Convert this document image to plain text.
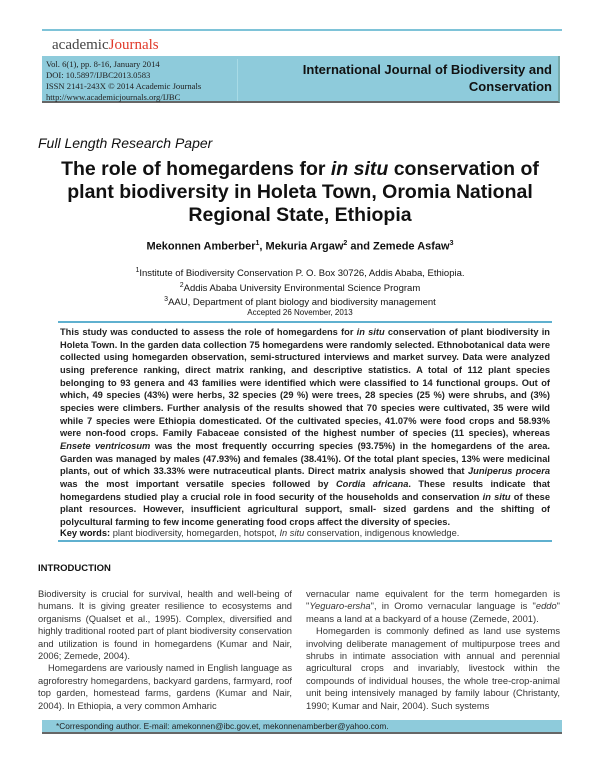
academicJournals
Vol. 6(1), pp. 8-16, January 2014
DOI: 10.5897/IJBC2013.0583
ISSN 2141-243X © 2014 Academic Journals
http://www.academicjournals.org/IJBC
International Journal of Biodiversity and Conservation
Full Length Research Paper
The role of homegardens for in situ conservation of plant biodiversity in Holeta Town, Oromia National Regional State, Ethiopia
Mekonnen Amberber$^1$, Mekuria Argaw$^2$ and Zemede Asfaw$^3$
$^1$Institute of Biodiversity Conservation P. O. Box 30726, Addis Ababa, Ethiopia.
$^2$Addis Ababa University Environmental Science Program
$^3$AAU, Department of plant biology and biodiversity management
Accepted 26 November, 2013
This study was conducted to assess the role of homegardens for in situ conservation of plant biodiversity in Holeta Town. In the garden data collection 75 homegardens were randomly selected. Ethnobotanical data were collected using homegarden observation, semi-structured interviews and market survey. Data were analyzed using preference ranking, direct matrix ranking, and descriptive statistics. A total of 112 plant species belonging to 93 genera and 43 families were identified which were classified to 14 functional groups. Out of which, 49 species (43%) were herbs, 32 species (29 %) were trees, 28 species (25 %) were shrubs, and (3%) species were climbers. Further analysis of the results showed that 70 species were cultivated, 35 were wild while 7 species were Ethiopia domesticated. Of the cultivated species, 41.07% were food crops and 58.93% were non-food crops. Family Fabaceae consisted of the highest number of species (11 species), whereas Ensete ventricosum was the most frequently occurring species (93.75%) in the homegardens of the area. Garden was managed by males (47.93%) and females (38.41%). Of the total plant species, 13% were medicinal plants, out of which 33.33% were nutraceutical plants. Direct matrix analysis showed that Juniperus procera was the most important versatile species followed by Cordia africana. These results indicate that homegardens studied play a crucial role in food security of the households and conservation in situ of these plant resources. However, insufficient agricultural support, small- sized gardens and the shifting of polycultural farming to few income generating food crops affect the diversity of species.
Key words: plant biodiversity, homegarden, hotspot, In situ conservation, indigenous knowledge.
INTRODUCTION

Biodiversity is crucial for survival, health and well-being of humans. It is giving greater resilience to ecosystems and organisms (Qualset et al., 1995). Complex, diversified and highly traditional rooted part of plant biodiversity conservation and utilization is found in homegardens (Kumar and Nair, 2006; Zemede, 2004).

Homegardens are variously named in English language as agroforestry homegardens, backyard gardens, farmyard, roof top garden, homestead farms, gardens (Kumar and Nair, 2004). In Ethiopia, a very common Amharic

vernacular name equivalent for the term homegarden is "Yeguaro-ersha", in Oromo vernacular language is "eddo" means a land at a backyard of a house (Zemede, 2001).

Homegarden is commonly defined as land use systems involving deliberate management of multipurpose trees and shrubs in intimate association with annual and perennial agricultural crops and invariably, livestock within the compounds of individual houses, the whole tree-crop-animal unit being intensively managed by family labour (Christanty, 1990; Kumar and Nair, 2004). Such systems

*Corresponding author. E-mail: amekonnen@ibc.gov.et, mekonnenamberber@yahoo.com.
